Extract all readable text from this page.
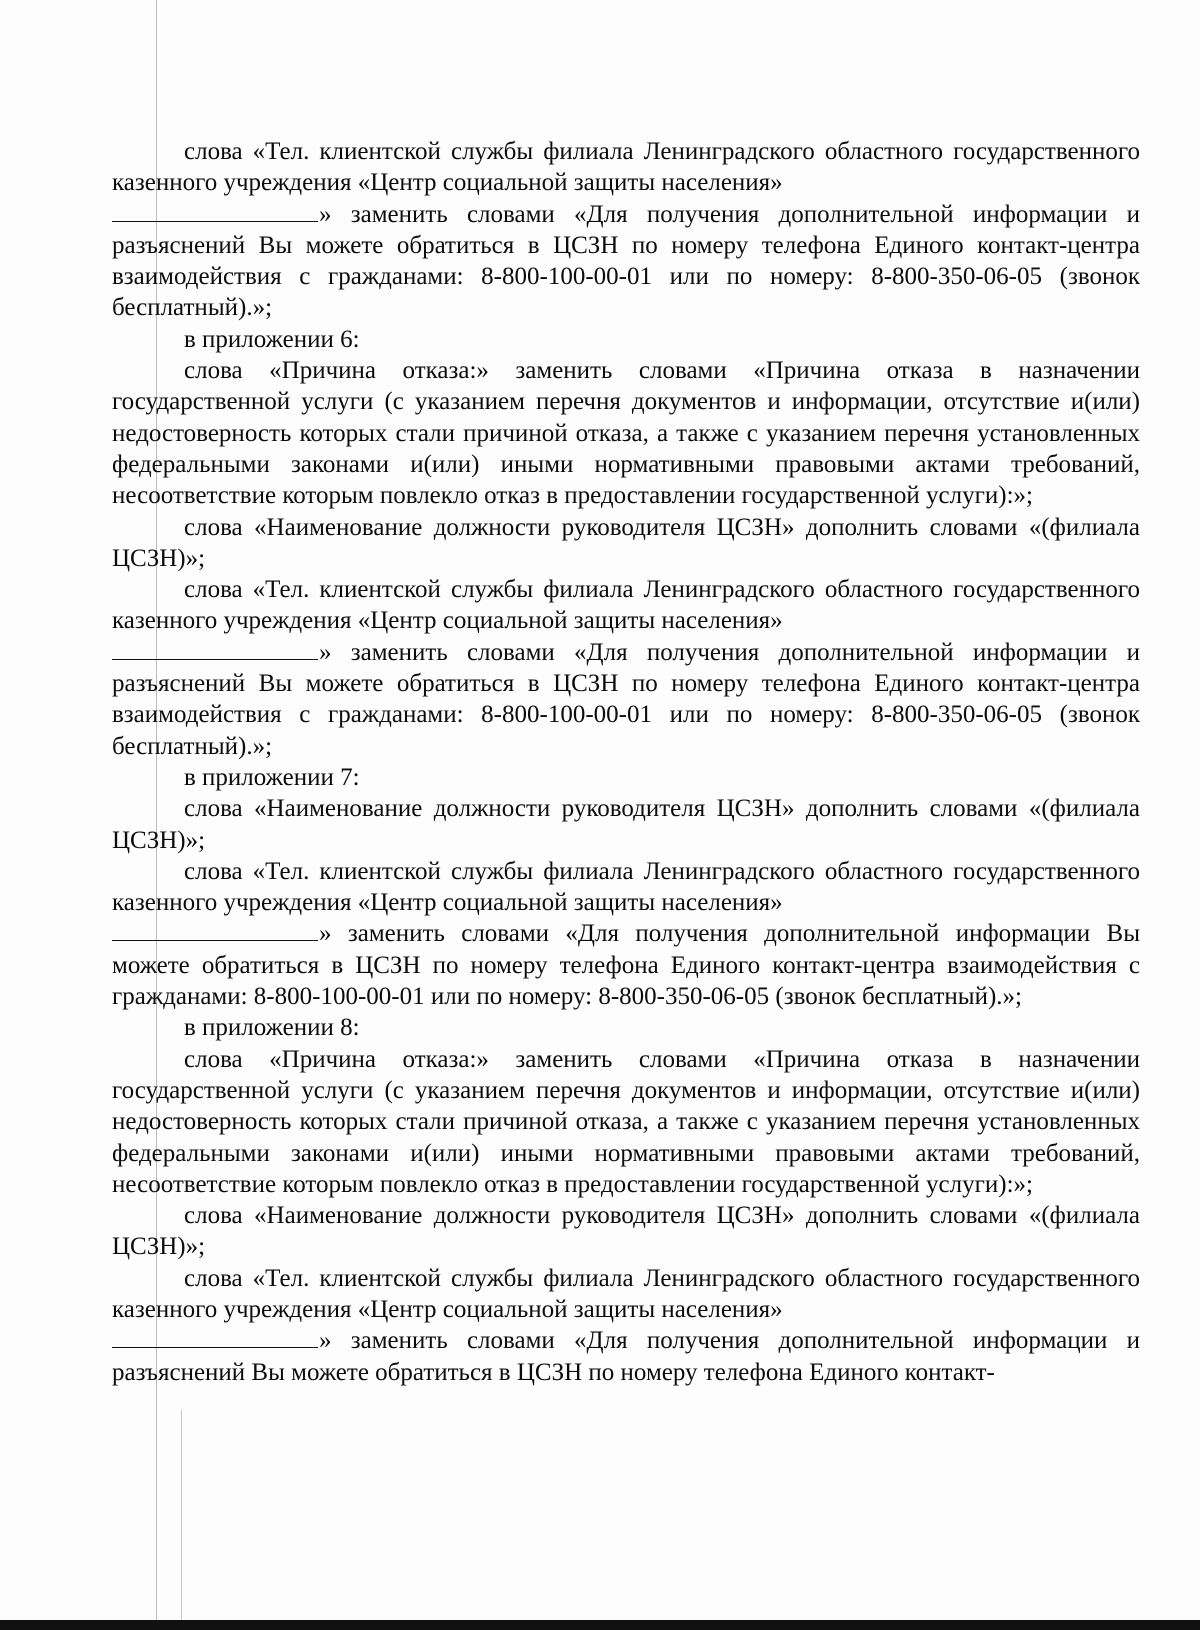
слова «Тел. клиентской службы филиала Ленинградского областного государственного казенного учреждения «Центр социальной защиты населения»

» заменить словами «Для получения дополнительной информации и разъяснений Вы можете обратиться в ЦСЗН по номеру телефона Единого контакт-центра взаимодействия с гражданами: 8-800-100-00-01 или по номеру: 8-800-350-06-05 (звонок бесплатный).»;

в приложении 6:

слова «Причина отказа:» заменить словами «Причина отказа в назначении государственной услуги (с указанием перечня документов и информации, отсутствие и(или) недостоверность которых стали причиной отказа, а также с указанием перечня установленных федеральными законами и(или) иными нормативными правовыми актами требований, несоответствие которым повлекло отказ в предоставлении государственной услуги):»;

слова «Наименование должности руководителя ЦСЗН» дополнить словами «(филиала ЦСЗН)»;

слова «Тел. клиентской службы филиала Ленинградского областного государственного казенного учреждения «Центр социальной защиты населения»

» заменить словами «Для получения дополнительной информации и разъяснений Вы можете обратиться в ЦСЗН по номеру телефона Единого контакт-центра взаимодействия с гражданами: 8-800-100-00-01 или по номеру: 8-800-350-06-05 (звонок бесплатный).»;

в приложении 7:

слова «Наименование должности руководителя ЦСЗН» дополнить словами «(филиала ЦСЗН)»;

слова «Тел. клиентской службы филиала Ленинградского областного государственного казенного учреждения «Центр социальной защиты населения»

» заменить словами «Для получения дополнительной информации Вы можете обратиться в ЦСЗН по номеру телефона Единого контакт-центра взаимодействия с гражданами: 8-800-100-00-01 или по номеру: 8-800-350-06-05 (звонок бесплатный).»;

в приложении 8:

слова «Причина отказа:» заменить словами «Причина отказа в назначении государственной услуги (с указанием перечня документов и информации, отсутствие и(или) недостоверность которых стали причиной отказа, а также с указанием перечня установленных федеральными законами и(или) иными нормативными правовыми актами требований, несоответствие которым повлекло отказ в предоставлении государственной услуги):»;

слова «Наименование должности руководителя ЦСЗН» дополнить словами «(филиала ЦСЗН)»;

слова «Тел. клиентской службы филиала Ленинградского областного государственного казенного учреждения «Центр социальной защиты населения»

» заменить словами «Для получения дополнительной информации и разъяснений Вы можете обратиться в ЦСЗН по номеру телефона Единого контакт-
